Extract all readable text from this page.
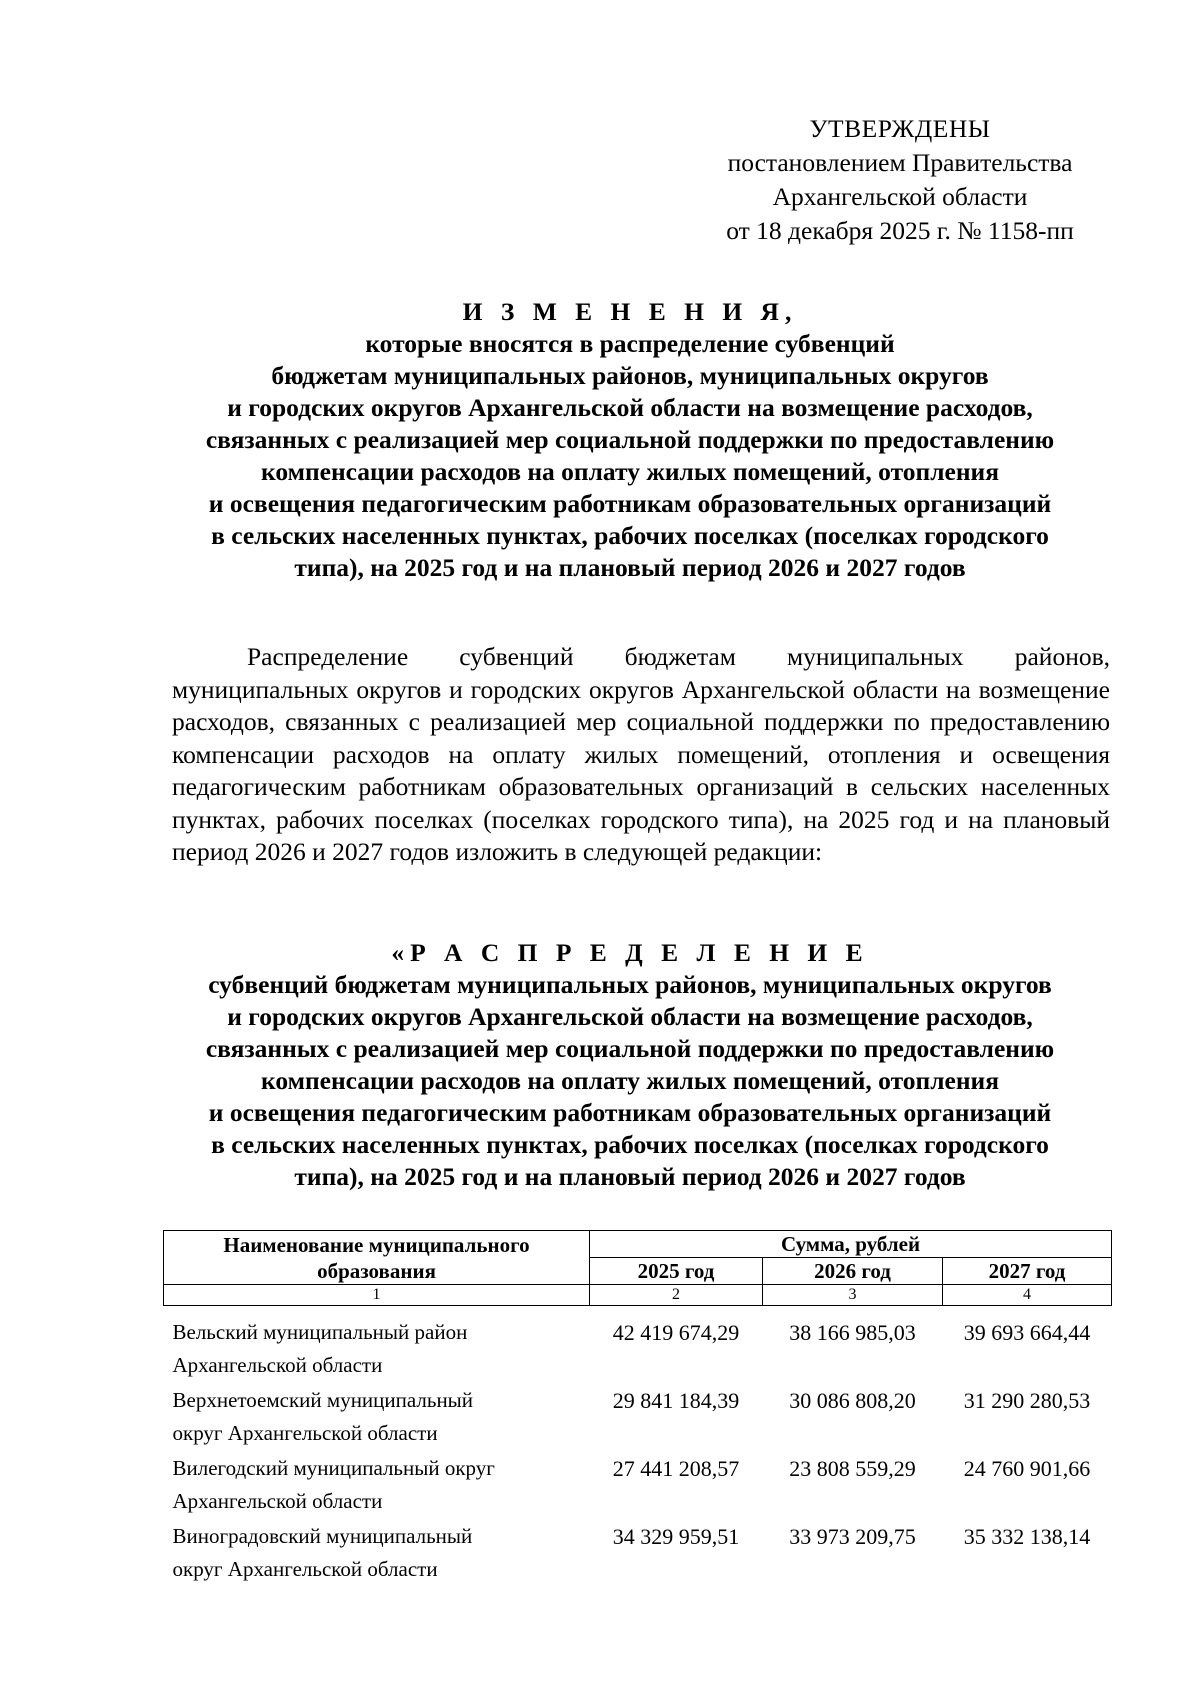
УТВЕРЖДЕНЫ
постановлением Правительства
Архангельской области
от 18 декабря 2025 г. № 1158-пп
И З М Е Н Е Н И Я,
которые вносятся в распределение субвенций
бюджетам муниципальных районов, муниципальных округов
и городских округов Архангельской области на возмещение расходов,
связанных с реализацией мер социальной поддержки по предоставлению
компенсации расходов на оплату жилых помещений, отопления
и освещения педагогическим работникам образовательных организаций
в сельских населенных пунктах, рабочих поселках (поселках городского
типа), на 2025 год и на плановый период 2026 и 2027 годов
Распределение субвенций бюджетам муниципальных районов, муниципальных округов и городских округов Архангельской области на возмещение расходов, связанных с реализацией мер социальной поддержки по предоставлению компенсации расходов на оплату жилых помещений, отопления и освещения педагогическим работникам образовательных организаций в сельских населенных пунктах, рабочих поселках (поселках городского типа), на 2025 год и на плановый период 2026 и 2027 годов изложить в следующей редакции:
«Р А С П Р Е Д Е Л Е Н И Е
субвенций бюджетам муниципальных районов, муниципальных округов
и городских округов Архангельской области на возмещение расходов,
связанных с реализацией мер социальной поддержки по предоставлению
компенсации расходов на оплату жилых помещений, отопления
и освещения педагогическим работникам образовательных организаций
в сельских населенных пунктах, рабочих поселках (поселках городского
типа), на 2025 год и на плановый период 2026 и 2027 годов
Наименование муниципального образования	Сумма, рублей		
	2025 год	2026 год	2027 год
1	2	3	4

Вельский муниципальный район
Архангельской области	42 419 674,29	38 166 985,03	39 693 664,44

Верхнетоемский муниципальный
округ Архангельской области	29 841 184,39	30 086 808,20	31 290 280,53

Вилегодский муниципальный округ
Архангельской области	27 441 208,57	23 808 559,29	24 760 901,66

Виноградовский муниципальный
округ Архангельской области	34 329 959,51	33 973 209,75	35 332 138,14
